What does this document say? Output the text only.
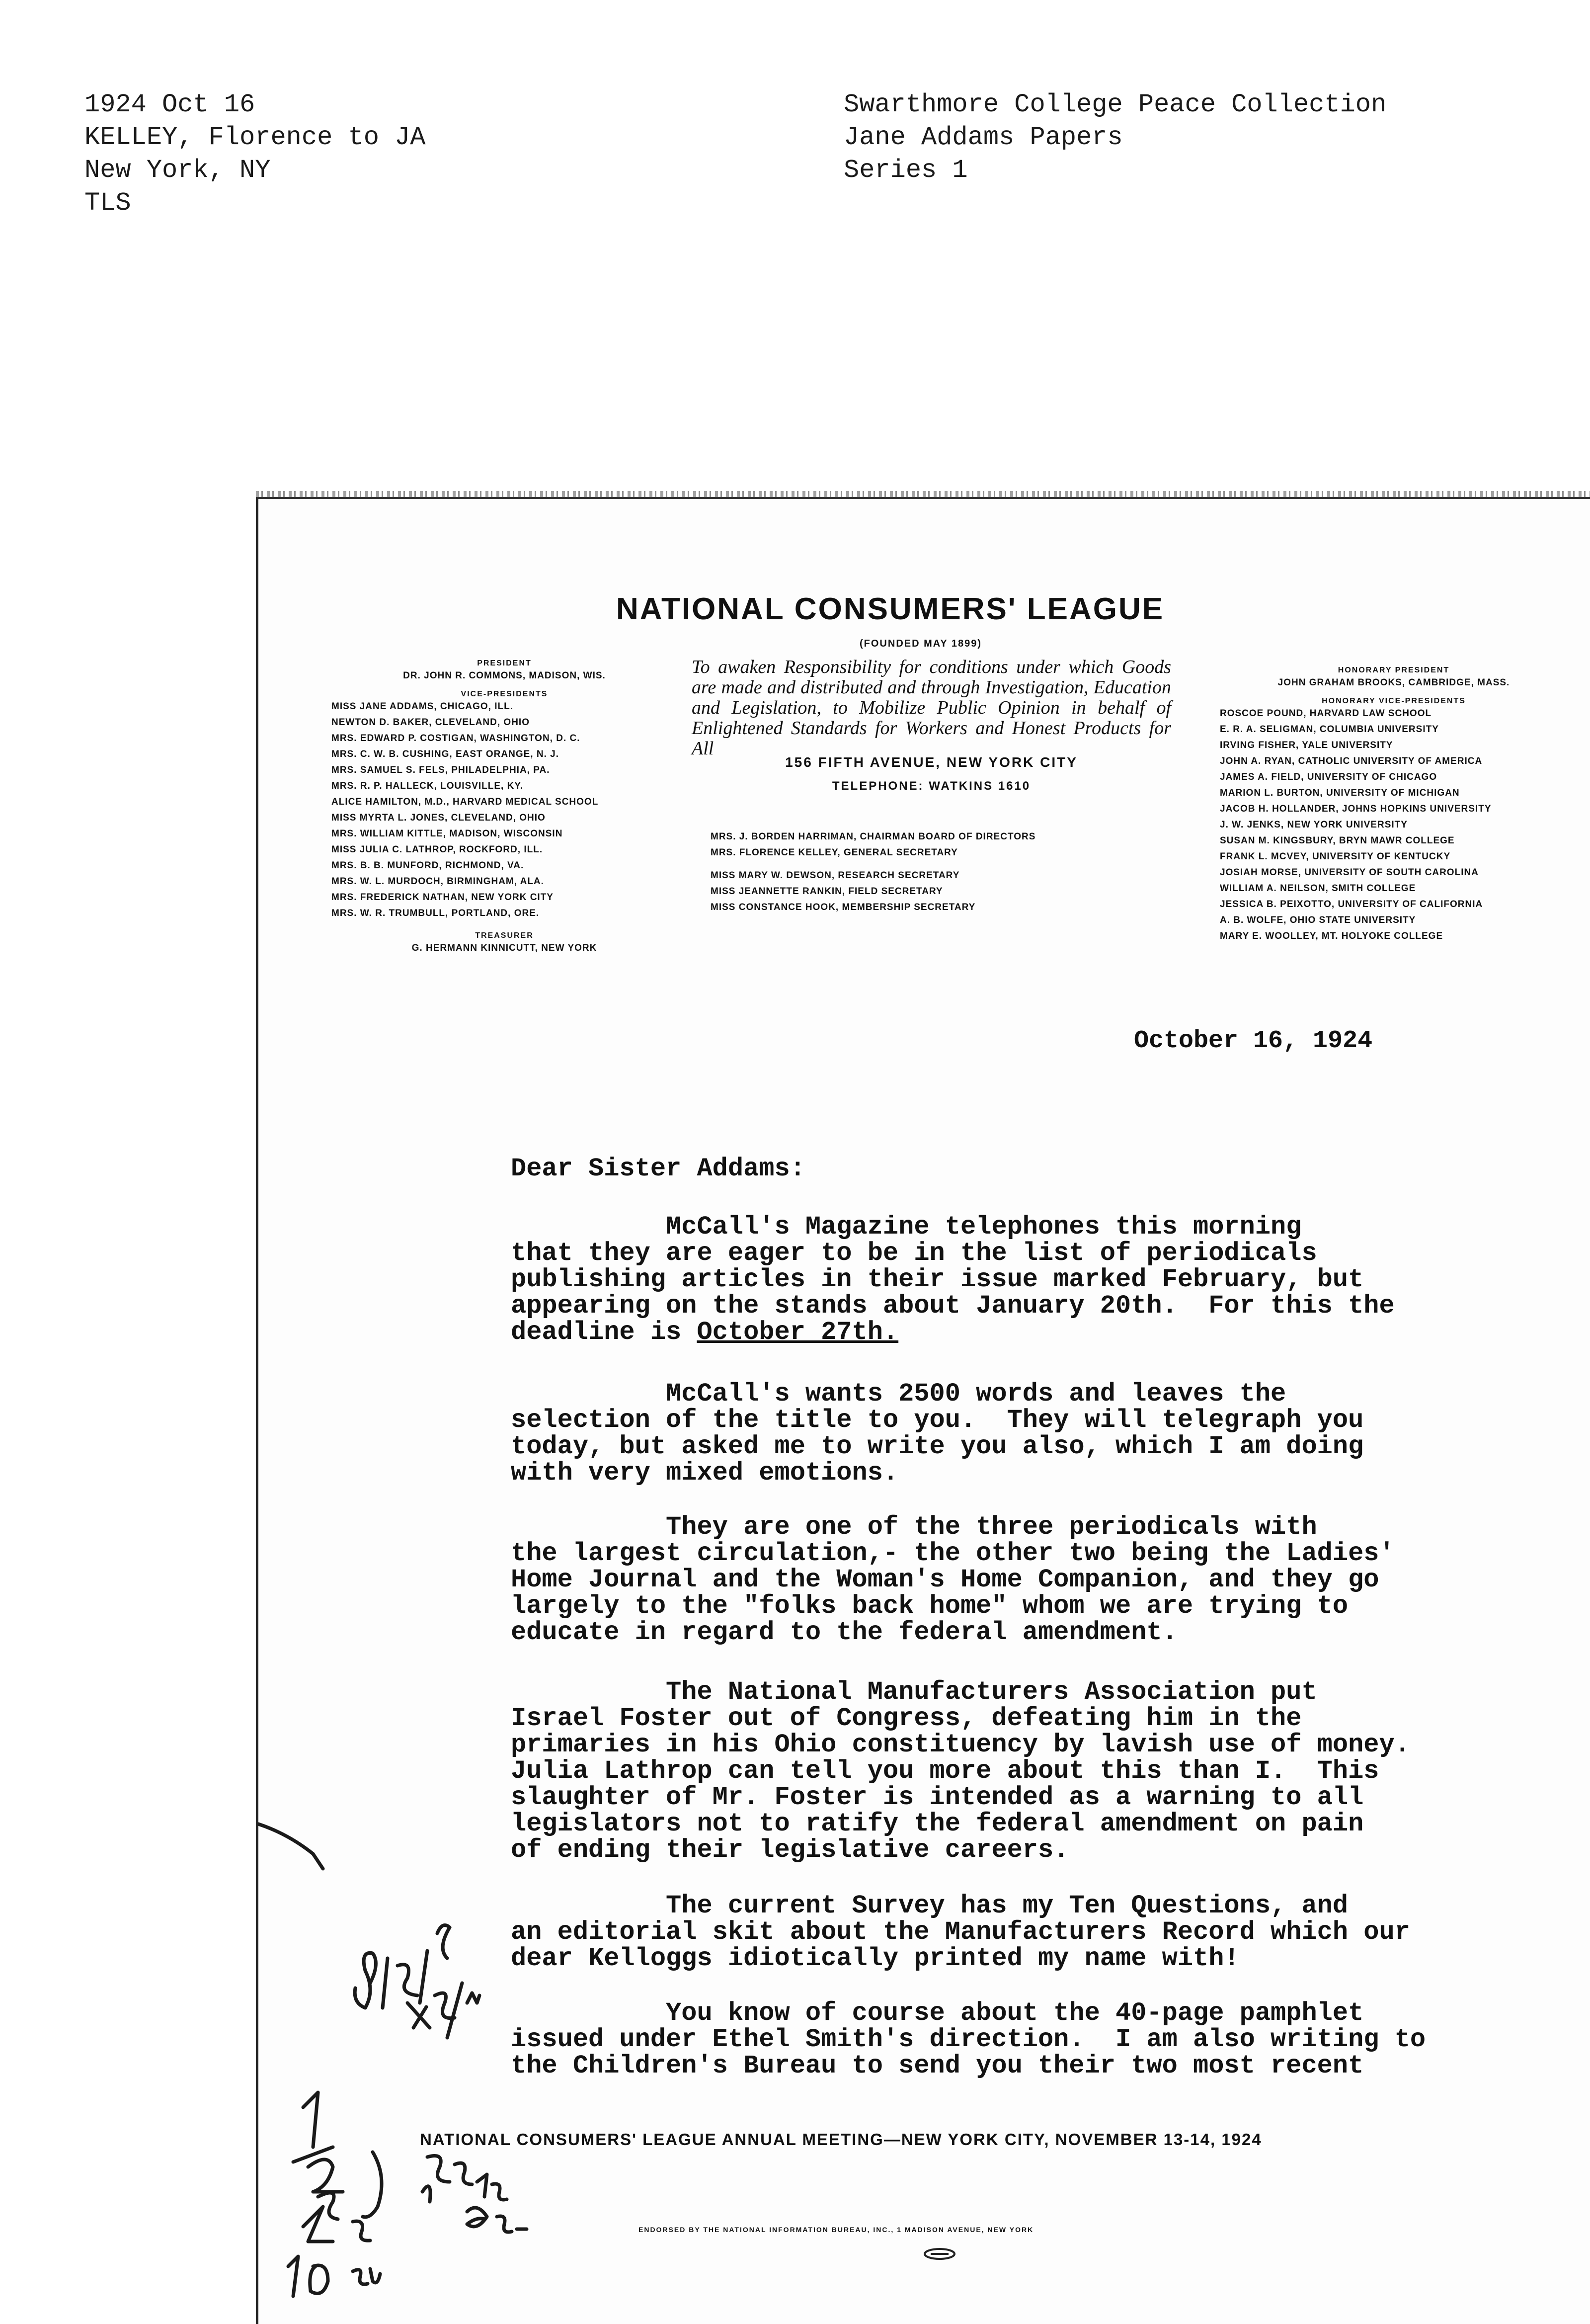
1924 Oct 16
KELLEY, Florence to JA
New York, NY
TLS
Swarthmore College Peace Collection
Jane Addams Papers
Series 1
NATIONAL CONSUMERS' LEAGUE
(FOUNDED MAY 1899)
PRESIDENT
DR. JOHN R. COMMONS, MADISON, WIS.
VICE-PRESIDENTS
MISS JANE ADDAMS, CHICAGO, ILL.
NEWTON D. BAKER, CLEVELAND, OHIO
MRS. EDWARD P. COSTIGAN, WASHINGTON, D. C.
MRS. C. W. B. CUSHING, EAST ORANGE, N. J.
MRS. SAMUEL S. FELS, PHILADELPHIA, PA.
MRS. R. P. HALLECK, LOUISVILLE, KY.
ALICE HAMILTON, M.D., HARVARD MEDICAL SCHOOL
MISS MYRTA L. JONES, CLEVELAND, OHIO
MRS. WILLIAM KITTLE, MADISON, WISCONSIN
MISS JULIA C. LATHROP, ROCKFORD, ILL.
MRS. B. B. MUNFORD, RICHMOND, VA.
MRS. W. L. MURDOCH, BIRMINGHAM, ALA.
MRS. FREDERICK NATHAN, NEW YORK CITY
MRS. W. R. TRUMBULL, PORTLAND, ORE.
TREASURER
G. HERMANN KINNICUTT, NEW YORK
To awaken Responsibility for conditions under which Goods are made and distributed and through Investigation, Education and Legislation, to Mobilize Public Opinion in behalf of Enlightened Standards for Workers and Honest Products for All
156 FIFTH AVENUE, NEW YORK CITY
TELEPHONE: WATKINS 1610
MRS. J. BORDEN HARRIMAN, CHAIRMAN BOARD OF DIRECTORS
MRS. FLORENCE KELLEY, GENERAL SECRETARY
MISS MARY W. DEWSON, RESEARCH SECRETARY
MISS JEANNETTE RANKIN, FIELD SECRETARY
MISS CONSTANCE HOOK, MEMBERSHIP SECRETARY
HONORARY PRESIDENT
JOHN GRAHAM BROOKS, CAMBRIDGE, MASS.
HONORARY VICE-PRESIDENTS
ROSCOE POUND, HARVARD LAW SCHOOL
E. R. A. SELIGMAN, COLUMBIA UNIVERSITY
IRVING FISHER, YALE UNIVERSITY
JOHN A. RYAN, CATHOLIC UNIVERSITY OF AMERICA
JAMES A. FIELD, UNIVERSITY OF CHICAGO
MARION L. BURTON, UNIVERSITY OF MICHIGAN
JACOB H. HOLLANDER, JOHNS HOPKINS UNIVERSITY
J. W. JENKS, NEW YORK UNIVERSITY
SUSAN M. KINGSBURY, BRYN MAWR COLLEGE
FRANK L. MCVEY, UNIVERSITY OF KENTUCKY
JOSIAH MORSE, UNIVERSITY OF SOUTH CAROLINA
WILLIAM A. NEILSON, SMITH COLLEGE
JESSICA B. PEIXOTTO, UNIVERSITY OF CALIFORNIA
A. B. WOLFE, OHIO STATE UNIVERSITY
MARY E. WOOLLEY, MT. HOLYOKE COLLEGE
October 16, 1924
Dear Sister Addams:
McCall's Magazine telephones this morning
that they are eager to be in the list of periodicals
publishing articles in their issue marked February, but
appearing on the stands about January 20th.  For this the
deadline is October 27th.
McCall's wants 2500 words and leaves the
selection of the title to you.  They will telegraph you
today, but asked me to write you also, which I am doing
with very mixed emotions.
They are one of the three periodicals with
the largest circulation,- the other two being the Ladies'
Home Journal and the Woman's Home Companion, and they go
largely to the "folks back home" whom we are trying to
educate in regard to the federal amendment.
The National Manufacturers Association put
Israel Foster out of Congress, defeating him in the
primaries in his Ohio constituency by lavish use of money.
Julia Lathrop can tell you more about this than I.  This
slaughter of Mr. Foster is intended as a warning to all
legislators not to ratify the federal amendment on pain
of ending their legislative careers.
The current Survey has my Ten Questions, and
an editorial skit about the Manufacturers Record which our
dear Kelloggs idiotically printed my name with!
You know of course about the 40-page pamphlet
issued under Ethel Smith's direction.  I am also writing to
the Children's Bureau to send you their two most recent
NATIONAL CONSUMERS' LEAGUE ANNUAL MEETING—NEW YORK CITY, NOVEMBER 13-14, 1924
ENDORSED BY THE NATIONAL INFORMATION BUREAU, INC., 1 MADISON AVENUE, NEW YORK
